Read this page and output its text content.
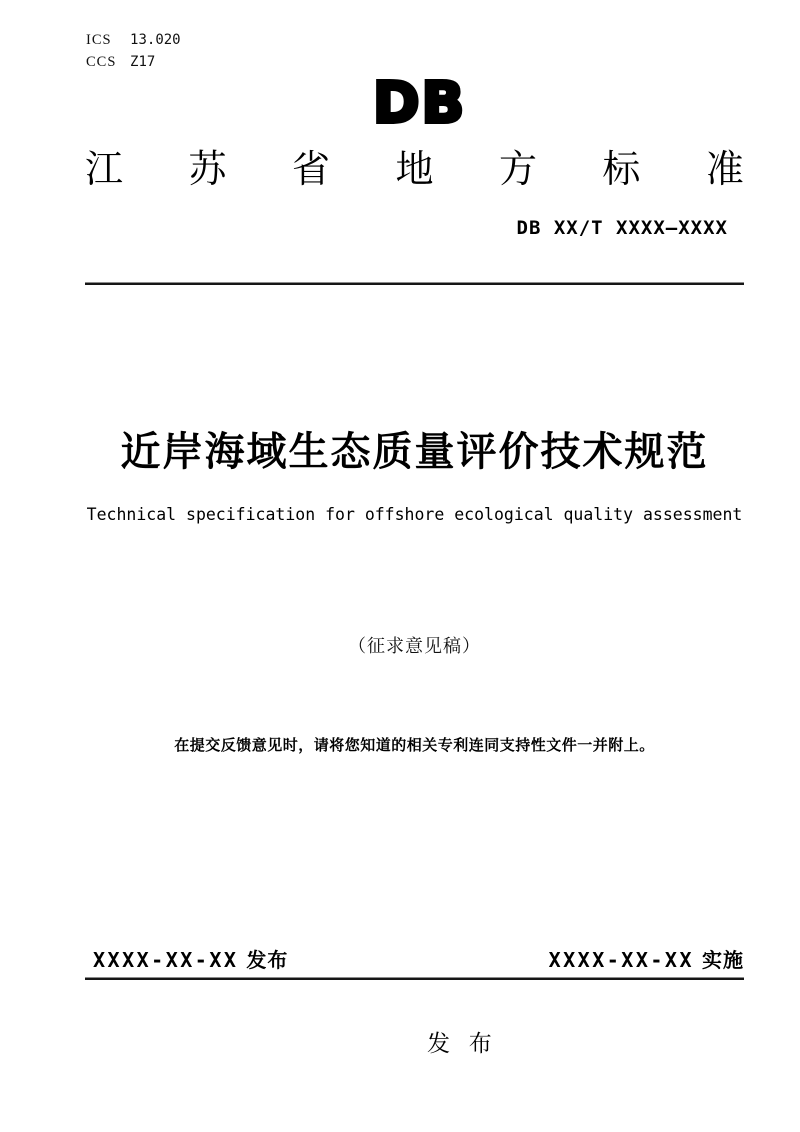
ICS 13.020
CCS Z17
DB
江 苏 省 地 方 标 准
DB XX/T XXXX—XXXX
近岸海域生态质量评价技术规范
Technical specification for offshore ecological quality assessment
（征求意见稿）
在提交反馈意见时，请将您知道的相关专利连同支持性文件一并附上。
XXXX-XX-XX 发布	XXXX-XX-XX 实施
发  布
